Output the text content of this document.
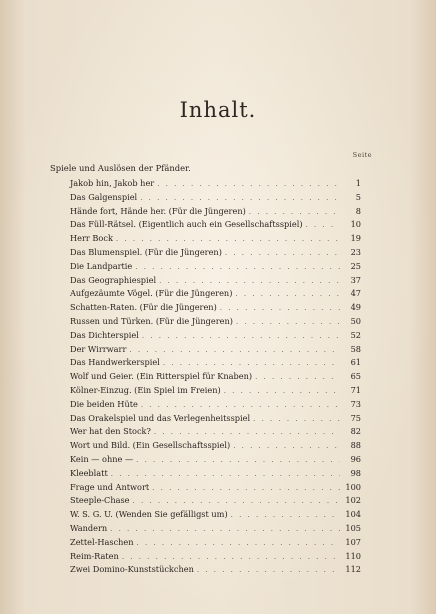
Inhalt.
Seite
Spiele und Auslösen der Pfänder.
Jakob hin, Jakob her . . .	1
Das Galgenspiel . . .	5
Hände fort, Hände her. (Für die Jüngeren) . . .	8
Das Füll-Rätsel. (Eigentlich auch ein Gesellschaftsspiel) . . .	10
Herr Bock . . .	19
Das Blumenspiel. (Für die Jüngeren) . . .	23
Die Landpartie . . .	25
Das Geographiespiel . . .	37
Aufgezäumte Vögel. (Für die Jüngeren) . . .	47
Schatten-Raten. (Für die Jüngeren) . . .	49
Russen und Türken. (Für die Jüngeren) . . .	50
Das Dichterspiel . . .	52
Der Wirrwarr . . .	58
Das Handwerkerspiel . . .	61
Wolf und Geier. (Ein Ritterspiel für Knaben) . . .	65
Kölner-Einzug. (Ein Spiel im Freien) . . .	71
Die beiden Hüte . . .	73
Das Orakelspiel und das Verlegenheitsspiel . . .	75
Wer hat den Stock? . . .	82
Wort und Bild. (Ein Gesellschaftsspiel) . . .	88
Kein — ohne — . . .	96
Kleeblatt . . .	98
Frage und Antwort . . .	100
Steeple-Chase . . .	102
W. S. G. U. (Wenden Sie gefälligst um) . . .	104
Wandern . . .	105
Zettel-Haschen . . .	107
Reim-Raten . . .	110
Zwei Domino-Kunststückchen . . .	112
